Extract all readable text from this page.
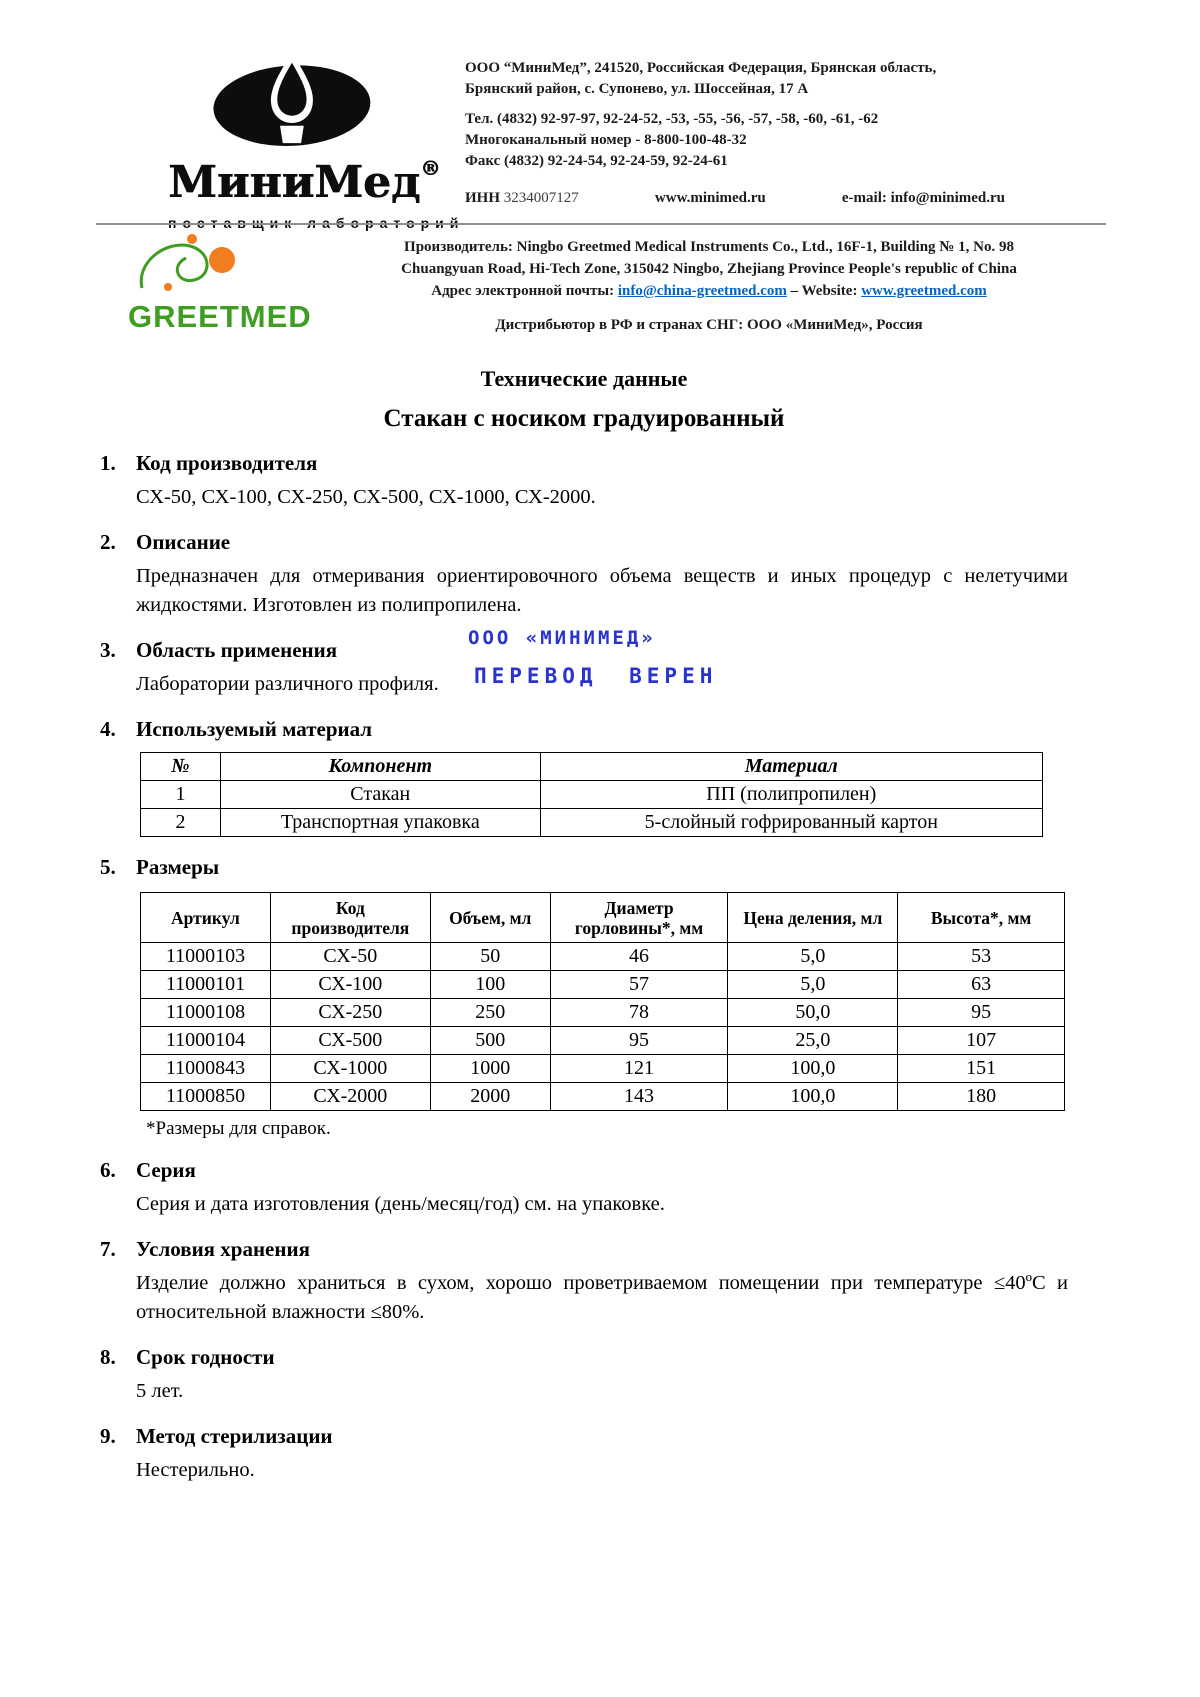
МиниМед®
поставщик лабораторий
ООО “МиниМед”, 241520, Российская Федерация, Брянская область,
Брянский район, с. Супонево, ул. Шоссейная, 17 А
Тел. (4832) 92-97-97, 92-24-52, -53, -55, -56, -57, -58, -60, -61, -62
Многоканальный номер - 8-800-100-48-32
Факс (4832) 92-24-54, 92-24-59, 92-24-61
ИНН 3234007127	www.minimed.ru	e-mail: info@minimed.ru
GREETMED
Производитель: Ningbo Greetmed Medical Instruments Co., Ltd., 16F-1, Building № 1, No. 98
Chuangyuan Road, Hi-Tech Zone, 315042 Ningbo, Zhejiang Province People's republic of China
Адрес электронной почты: info@china-greetmed.com – Website: www.greetmed.com
Дистрибьютор в РФ и странах СНГ: ООО «МиниМед», Россия
Технические данные
Стакан с носиком градуированный
1. Код производителя
СХ-50, СХ-100, СХ-250, СХ-500, СХ-1000, СХ-2000.
2. Описание
Предназначен для отмеривания ориентировочного объема веществ и иных процедур с нелетучими жидкостями. Изготовлен из полипропилена.
3. Область применения
Лаборатории различного профиля.
ООО «МИНИМЕД»
ПЕРЕВОД ВЕРЕН
4. Используемый материал
№	Компонент	Материал
1	Стакан	ПП (полипропилен)
2	Транспортная упаковка	5-слойный гофрированный картон
5. Размеры
Артикул	Код производителя	Объем, мл	Диаметр горловины*, мм	Цена деления, мл	Высота*, мм
11000103	СХ-50	50	46	5,0	53
11000101	СХ-100	100	57	5,0	63
11000108	СХ-250	250	78	50,0	95
11000104	СХ-500	500	95	25,0	107
11000843	СХ-1000	1000	121	100,0	151
11000850	СХ-2000	2000	143	100,0	180
*Размеры для справок.
6. Серия
Серия и дата изготовления (день/месяц/год) см. на упаковке.
7. Условия хранения
Изделие должно храниться в сухом, хорошо проветриваемом помещении при температуре ≤40ºС и относительной влажности ≤80%.
8. Срок годности
5 лет.
9. Метод стерилизации
Нестерильно.
